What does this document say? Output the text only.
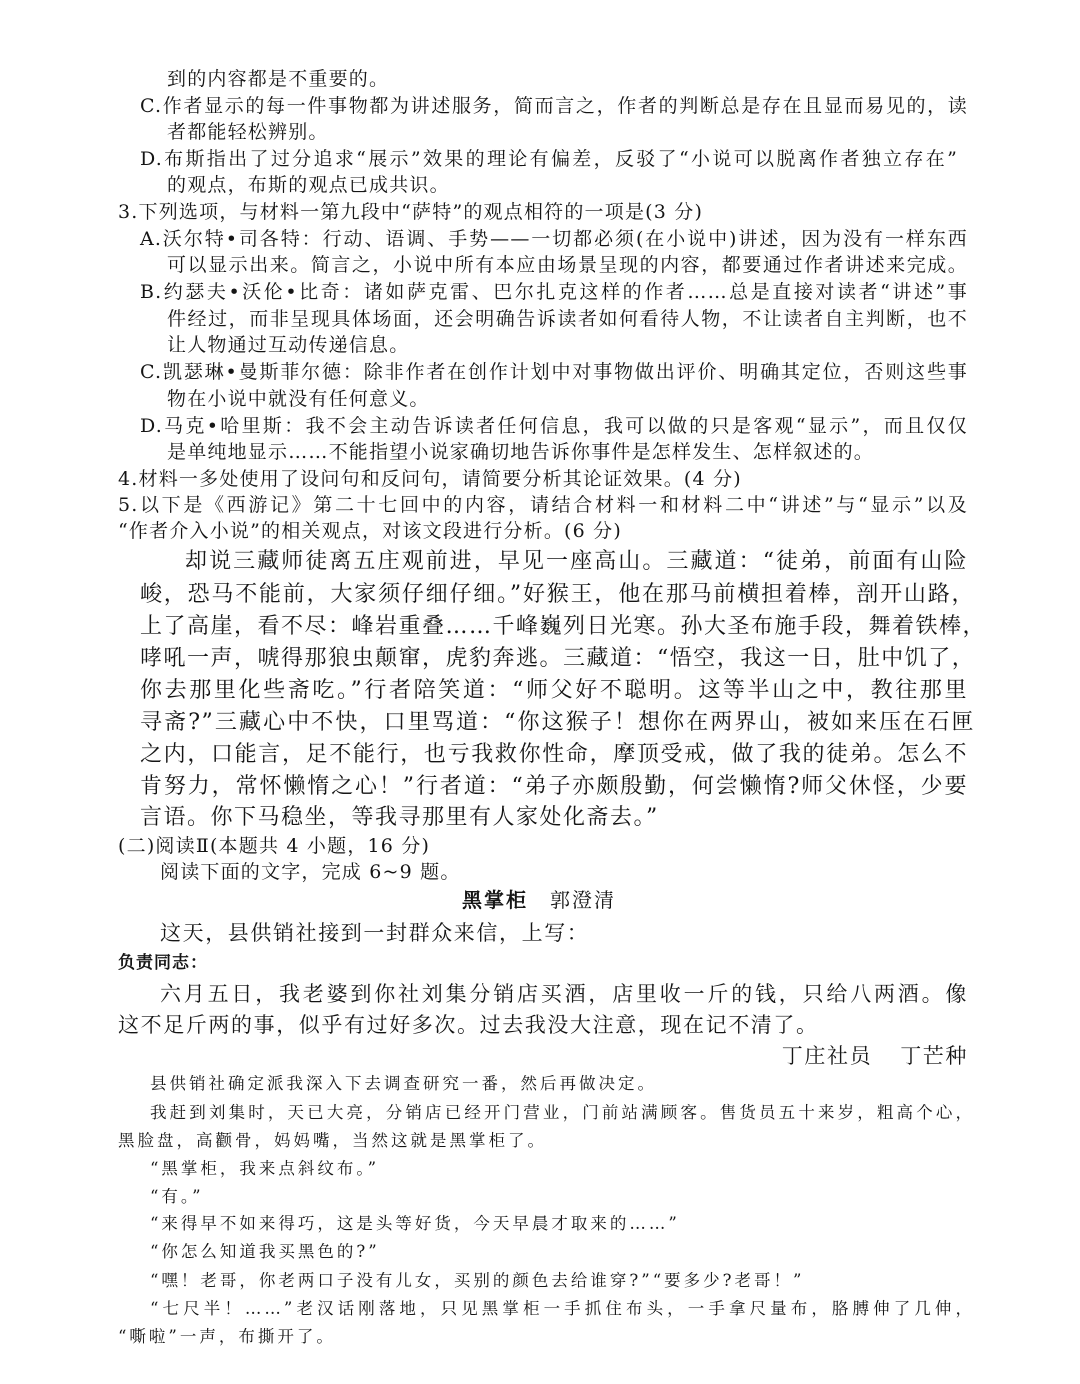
到的内容都是不重要的。
C.作者显示的每一件事物都为讲述服务，简而言之，作者的判断总是存在且显而易见的，读
者都能轻松辨别。
D.布斯指出了过分追求“展示”效果的理论有偏差，反驳了“小说可以脱离作者独立存在”
的观点，布斯的观点已成共识。
3.下列选项，与材料一第九段中“萨特”的观点相符的一项是(3 分)
A.沃尔特•司各特：行动、语调、手势——一切都必须(在小说中)讲述，因为没有一样东西
可以显示出来。简言之，小说中所有本应由场景呈现的内容，都要通过作者讲述来完成。
B.约瑟夫•沃伦•比奇：诸如萨克雷、巴尔扎克这样的作者……总是直接对读者“讲述”事
件经过，而非呈现具体场面，还会明确告诉读者如何看待人物，不让读者自主判断，也不
让人物通过互动传递信息。
C.凯瑟琳•曼斯菲尔德：除非作者在创作计划中对事物做出评价、明确其定位，否则这些事
物在小说中就没有任何意义。
D.马克•哈里斯：我不会主动告诉读者任何信息，我可以做的只是客观“显示”，而且仅仅
是单纯地显示……不能指望小说家确切地告诉你事件是怎样发生、怎样叙述的。
4.材料一多处使用了设问句和反问句，请简要分析其论证效果。(4 分)
5.以下是《西游记》第二十七回中的内容，请结合材料一和材料二中“讲述”与“显示”以及
“作者介入小说”的相关观点，对该文段进行分析。(6 分)
却说三藏师徒离五庄观前进，早见一座高山。三藏道：“徒弟，前面有山险
峻，恐马不能前，大家须仔细仔细。”好猴王，他在那马前横担着棒，剖开山路，
上了高崖，看不尽：峰岩重叠……千峰巍列日光寒。孙大圣布施手段，舞着铁棒，
哮吼一声，唬得那狼虫颠窜，虎豹奔逃。三藏道：“悟空，我这一日，肚中饥了，
你去那里化些斋吃。”行者陪笑道：“师父好不聪明。这等半山之中，教往那里
寻斋?”三藏心中不快，口里骂道：“你这猴子！想你在两界山，被如来压在石匣
之内，口能言，足不能行，也亏我救你性命，摩顶受戒，做了我的徒弟。怎么不
肯努力，常怀懒惰之心！”行者道：“弟子亦颇殷勤，何尝懒惰?师父休怪，少要
言语。你下马稳坐，等我寻那里有人家处化斋去。”
(二)阅读Ⅱ(本题共 4 小题，16 分)
阅读下面的文字，完成 6~9 题。
黑掌柜 郭澄清
这天，县供销社接到一封群众来信，上写：
负责同志：
六月五日，我老婆到你社刘集分销店买酒，店里收一斤的钱，只给八两酒。像
这不足斤两的事，似乎有过好多次。过去我没大注意，现在记不清了。
丁庄社员 丁芒种
县供销社确定派我深入下去调查研究一番，然后再做决定。
我赶到刘集时，天已大亮，分销店已经开门营业，门前站满顾客。售货员五十来岁，粗高个心，
黑脸盘，高颧骨，妈妈嘴，当然这就是黑掌柜了。
“黑掌柜，我来点斜纹布。”
“有。”
“来得早不如来得巧，这是头等好货，今天早晨才取来的……”
“你怎么知道我买黑色的?”
“嘿！老哥，你老两口子没有儿女，买别的颜色去给谁穿?”“要多少?老哥！”
“七尺半！……”老汉话刚落地，只见黑掌柜一手抓住布头，一手拿尺量布，胳膊伸了几伸，
“嘶啦”一声，布撕开了。
